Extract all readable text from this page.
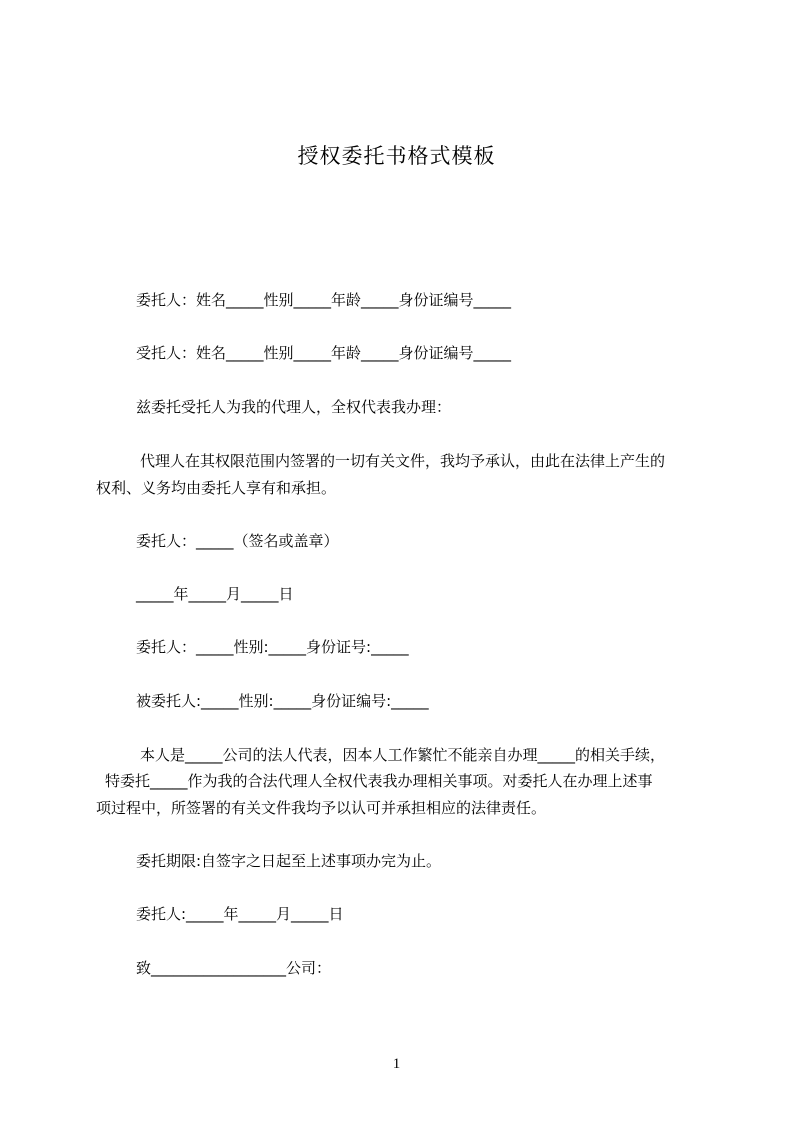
授权委托书格式模板
委托人：姓名_____性别_____年龄_____身份证编号_____
受托人：姓名_____性别_____年龄_____身份证编号_____
兹委托受托人为我的代理人，全权代表我办理：
代理人在其权限范围内签署的一切有关文件，我均予承认，由此在法律上产生的
权利、义务均由委托人享有和承担。
委托人：_____（签名或盖章）
_____年_____月_____日
委托人：_____性别:_____身份证号:_____
被委托人:_____性别:_____身份证编号:_____
本人是_____公司的法人代表，因本人工作繁忙不能亲自办理_____的相关手续，
特委托_____作为我的合法代理人全权代表我办理相关事项。对委托人在办理上述事
项过程中，所签署的有关文件我均予以认可并承担相应的法律责任。
委托期限:自签字之日起至上述事项办完为止。
委托人:_____年_____月_____日
致__________________公司：
1
